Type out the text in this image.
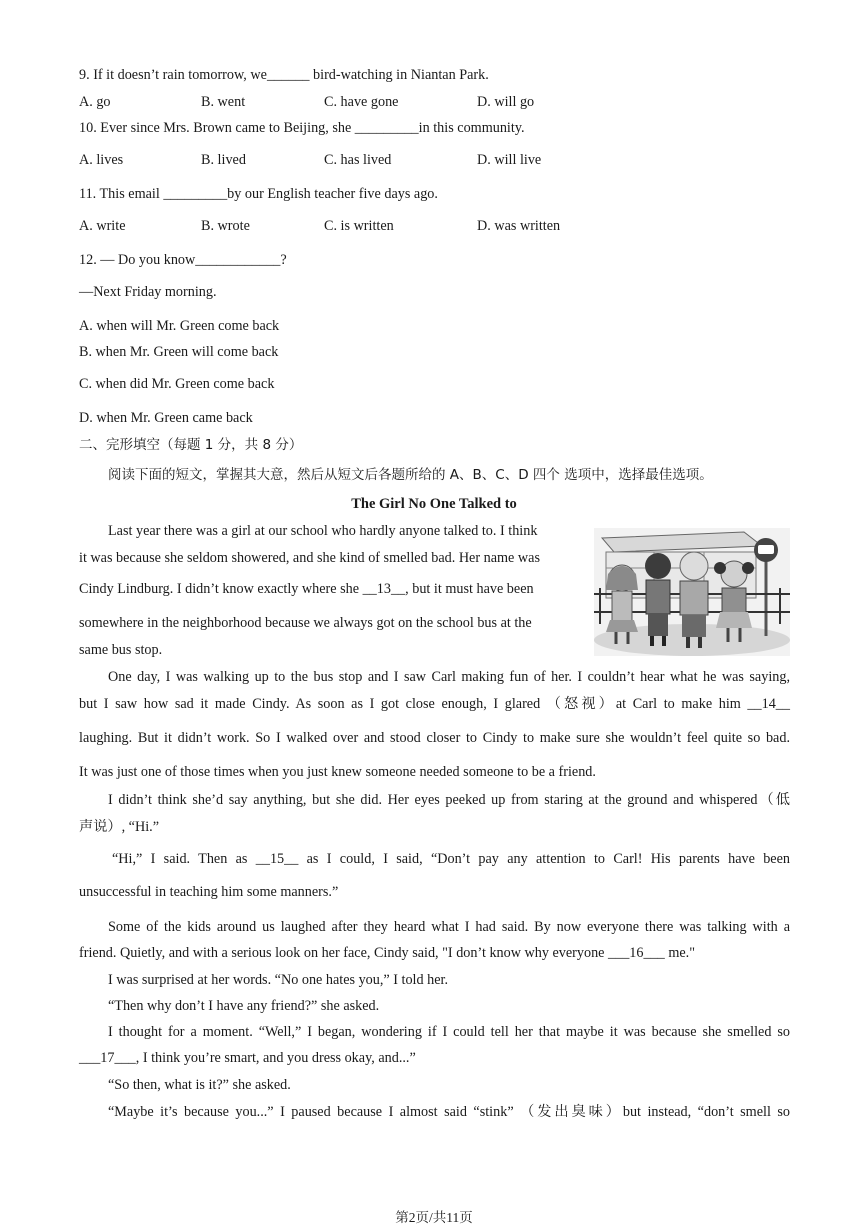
9. If it doesn’t rain tomorrow, we______ bird-watching in Niantan Park.
A. go	B. went	C. have gone	D. will go
10. Ever since Mrs. Brown came to Beijing, she _________in this community.
A. lives	B. lived	C. has lived	D. will live
11. This email _________by our English teacher five days ago.
A. write	B. wrote	C. is written	D. was written
12. — Do you know____________?
—Next Friday morning.
A. when will Mr. Green come back
B. when Mr. Green will come back
C. when did Mr. Green come back
D. when Mr. Green came back
二、完形填空（每题 1 分，共 8 分）
阅读下面的短文，掌握其大意，然后从短文后各题所给的 A、B、C、D 四个 选项中，选择最佳选项。
The Girl No One Talked to
Last year there was a girl at our school who hardly anyone talked to. I think
it was because she seldom showered, and she kind of smelled bad. Her name was
Cindy Lindburg. I didn’t know exactly where she __13__, but it must have been
somewhere in the neighborhood because we always got on the school bus at the
same bus stop.
One day, I was walking up to the bus stop and I saw Carl making fun of her. I couldn’t hear what he was saying,
but I saw how sad it made Cindy. As soon as I got close enough, I glared （怒视）at Carl to make him __14__
laughing. But it didn’t work. So I walked over and stood closer to Cindy to make sure she wouldn’t feel quite so bad.
It was just one of those times when you just knew someone needed someone to be a friend.
I didn’t think she’d say anything, but she did. Her eyes peeked up from staring at the ground and whispered（低
声说）, “Hi.”
“Hi,” I said. Then as __15__ as I could, I said, “Don’t pay any attention to Carl! His parents have been
unsuccessful in teaching him some manners.”
Some of the kids around us laughed after they heard what I had said. By now everyone there was talking with a
friend. Quietly, and with a serious look on her face, Cindy said, "I don’t know why everyone ___16___ me."
I was surprised at her words. “No one hates you,” I told her.
“Then why don’t I have any friend?” she asked.
I thought for a moment. “Well,” I began, wondering if I could tell her that maybe it was because she smelled so
___17___, I think you’re smart, and you dress okay, and...”
“So then, what is it?” she asked.
“Maybe it’s because you...” I paused because I almost said “stink” （发出臭味）but instead, “don’t smell so
第2页/共11页
